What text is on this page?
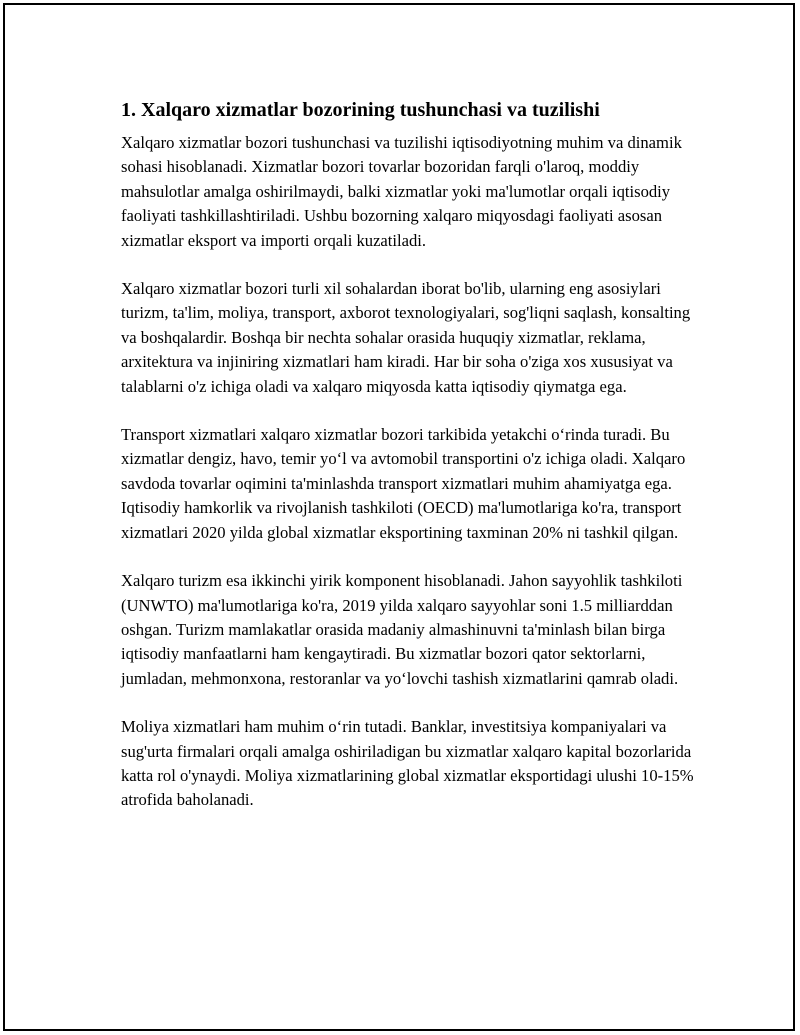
1. Xalqaro xizmatlar bozorining tushunchasi va tuzilishi

Xalqaro xizmatlar bozori tushunchasi va tuzilishi iqtisodiyotning muhim va dinamik sohasi hisoblanadi. Xizmatlar bozori tovarlar bozoridan farqli o'laroq, moddiy mahsulotlar amalga oshirilmaydi, balki xizmatlar yoki ma'lumotlar orqali iqtisodiy faoliyati tashkillashtiriladi. Ushbu bozorning xalqaro miqyosdagi faoliyati asosan xizmatlar eksport va importi orqali kuzatiladi.

Xalqaro xizmatlar bozori turli xil sohalardan iborat bo'lib, ularning eng asosiylari turizm, ta'lim, moliya, transport, axborot texnologiyalari, sog'liqni saqlash, konsalting va boshqalardir. Boshqa bir nechta sohalar orasida huquqiy xizmatlar, reklama, arxitektura va injiniring xizmatlari ham kiradi. Har bir soha o'ziga xos xususiyat va talablarni o'z ichiga oladi va xalqaro miqyosda katta iqtisodiy qiymatga ega.

Transport xizmatlari xalqaro xizmatlar bozori tarkibida yetakchi oʻrinda turadi. Bu xizmatlar dengiz, havo, temir yoʻl va avtomobil transportini o'z ichiga oladi. Xalqaro savdoda tovarlar oqimini ta'minlashda transport xizmatlari muhim ahamiyatga ega. Iqtisodiy hamkorlik va rivojlanish tashkiloti (OECD) ma'lumotlariga ko'ra, transport xizmatlari 2020 yilda global xizmatlar eksportining taxminan 20% ni tashkil qilgan.

Xalqaro turizm esa ikkinchi yirik komponent hisoblanadi. Jahon sayyohlik tashkiloti (UNWTO) ma'lumotlariga ko'ra, 2019 yilda xalqaro sayyohlar soni 1.5 milliarddan oshgan. Turizm mamlakatlar orasida madaniy almashinuvni ta'minlash bilan birga iqtisodiy manfaatlarni ham kengaytiradi. Bu xizmatlar bozori qator sektorlarni, jumladan, mehmonxona, restoranlar va yoʻlovchi tashish xizmatlarini qamrab oladi.

Moliya xizmatlari ham muhim oʻrin tutadi. Banklar, investitsiya kompaniyalari va sug'urta firmalari orqali amalga oshiriladigan bu xizmatlar xalqaro kapital bozorlarida katta rol o'ynaydi. Moliya xizmatlarining global xizmatlar eksportidagi ulushi 10-15% atrofida baholanadi.
